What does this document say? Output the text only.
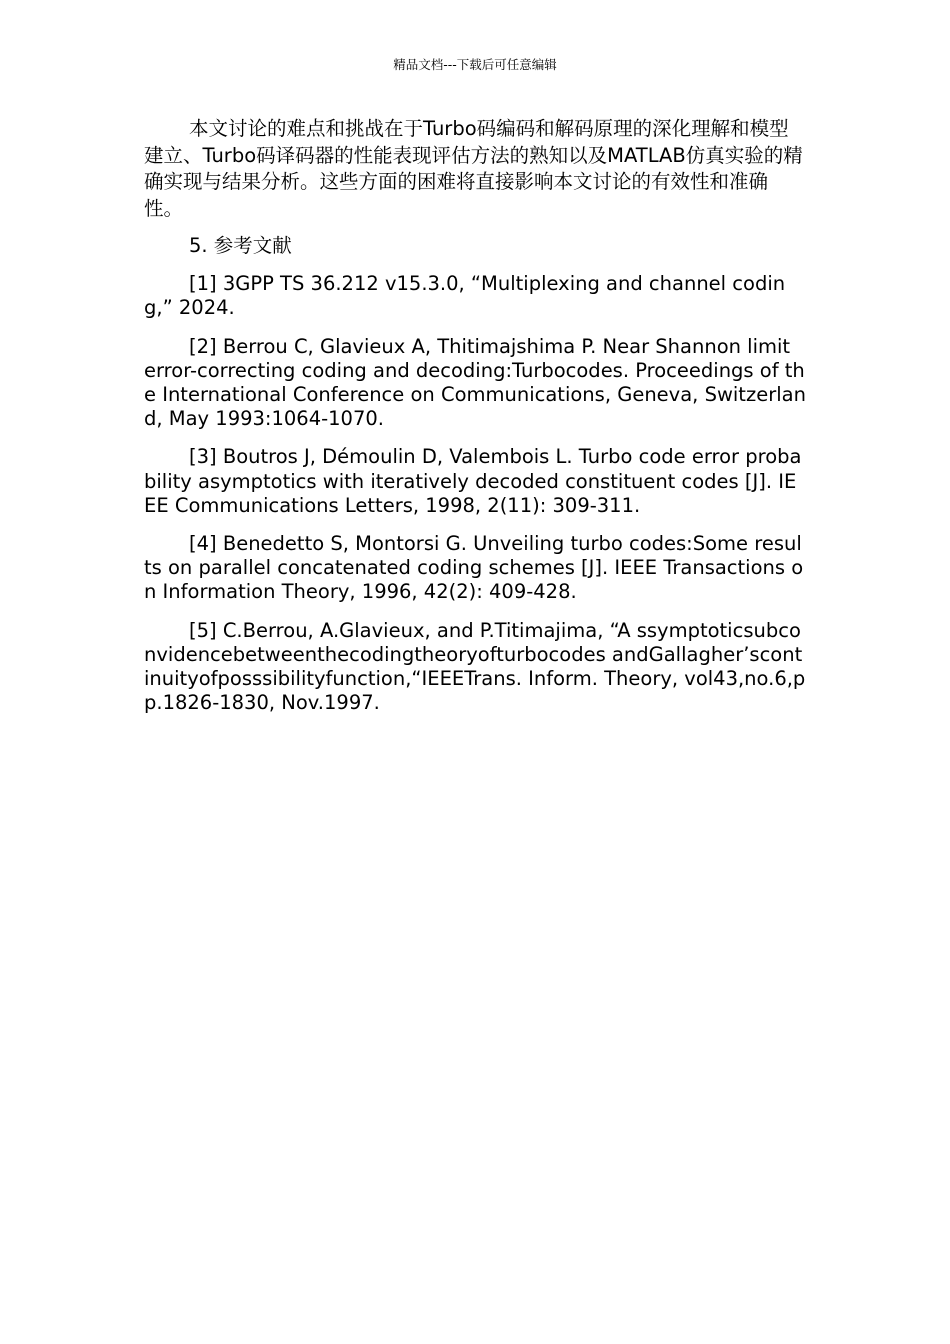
精品文档---下载后可任意编辑

本文讨论的难点和挑战在于Turbo码编码和解码原理的深化理解和模型建立、Turbo码译码器的性能表现评估方法的熟知以及MATLAB仿真实验的精确实现与结果分析。这些方面的困难将直接影响本文讨论的有效性和准确性。

5. 参考文献

[1] 3GPP TS 36.212 v15.3.0, “Multiplexing and channel coding,” 2024.

[2] Berrou C, Glavieux A, Thitimajshima P. Near Shannon limit error-correcting coding and decoding:Turbocodes. Proceedings of the International Conference on Communications, Geneva, Switzerland, May 1993:1064-1070.

[3] Boutros J, Démoulin D, Valembois L. Turbo code error probability asymptotics with iteratively decoded constituent codes [J]. IEEE Communications Letters, 1998, 2(11): 309-311.

[4] Benedetto S, Montorsi G. Unveiling turbo codes:Some results on parallel concatenated coding schemes [J]. IEEE Transactions on Information Theory, 1996, 42(2): 409-428.

[5] C.Berrou, A.Glavieux, and P.Titimajima, “A ssymptoticsubconvidencebetweenthecodingtheoryofturbocodes andGallagher’scontinuityofposssibilityfunction,“IEEETrans. Inform. Theory, vol43,no.6,pp.1826-1830, Nov.1997.
